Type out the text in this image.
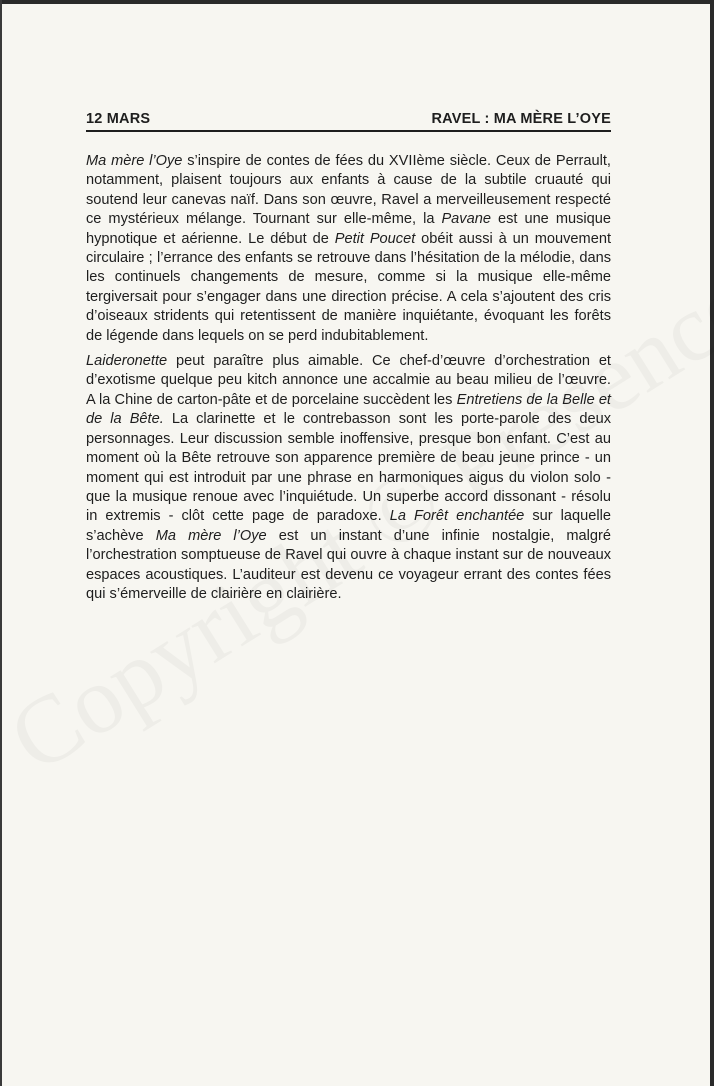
12 MARS	RAVEL : MA MÈRE L’OYE

Ma mère l’Oye s’inspire de contes de fées du XVIIème siècle. Ceux de Perrault, notamment, plaisent toujours aux enfants à cause de la subtile cruauté qui soutend leur canevas naïf. Dans son œuvre, Ravel a merveilleusement respecté ce mystérieux mélange. Tournant sur elle-même, la Pavane est une musique hypnotique et aérienne. Le début de Petit Poucet obéit aussi à un mouvement circulaire ; l’errance des enfants se retrouve dans l’hésitation de la mélodie, dans les continuels changements de mesure, comme si la musique elle-même tergiversait pour s’engager dans une direction précise. A cela s’ajoutent des cris d’oiseaux stridents qui retentissent de manière inquiétante, évoquant les forêts de légende dans lequels on se perd indubitablement.

Laideronette peut paraître plus aimable. Ce chef-d’œuvre d’orchestration et d’exotisme quelque peu kitch annonce une accalmie au beau milieu de l’œuvre. A la Chine de carton-pâte et de porcelaine succèdent les Entretiens de la Belle et de la Bête. La clarinette et le contrebasson sont les porte-parole des deux personnages. Leur discussion semble inoffensive, presque bon enfant. C’est au moment où la Bête retrouve son apparence première de beau jeune prince - un moment qui est introduit par une phrase en harmoniques aigus du violon solo - que la musique renoue avec l’inquiétude. Un superbe accord dissonant - résolu in extremis - clôt cette page de paradoxe. La Forêt enchantée sur laquelle s’achève Ma mère l’Oye est un instant d’une infinie nostalgie, malgré l’orchestration somptueuse de Ravel qui ouvre à chaque instant sur de nouveaux espaces acoustiques. L’auditeur est devenu ce voyageur errant des contes fées qui s’émerveille de clairière en clairière.
